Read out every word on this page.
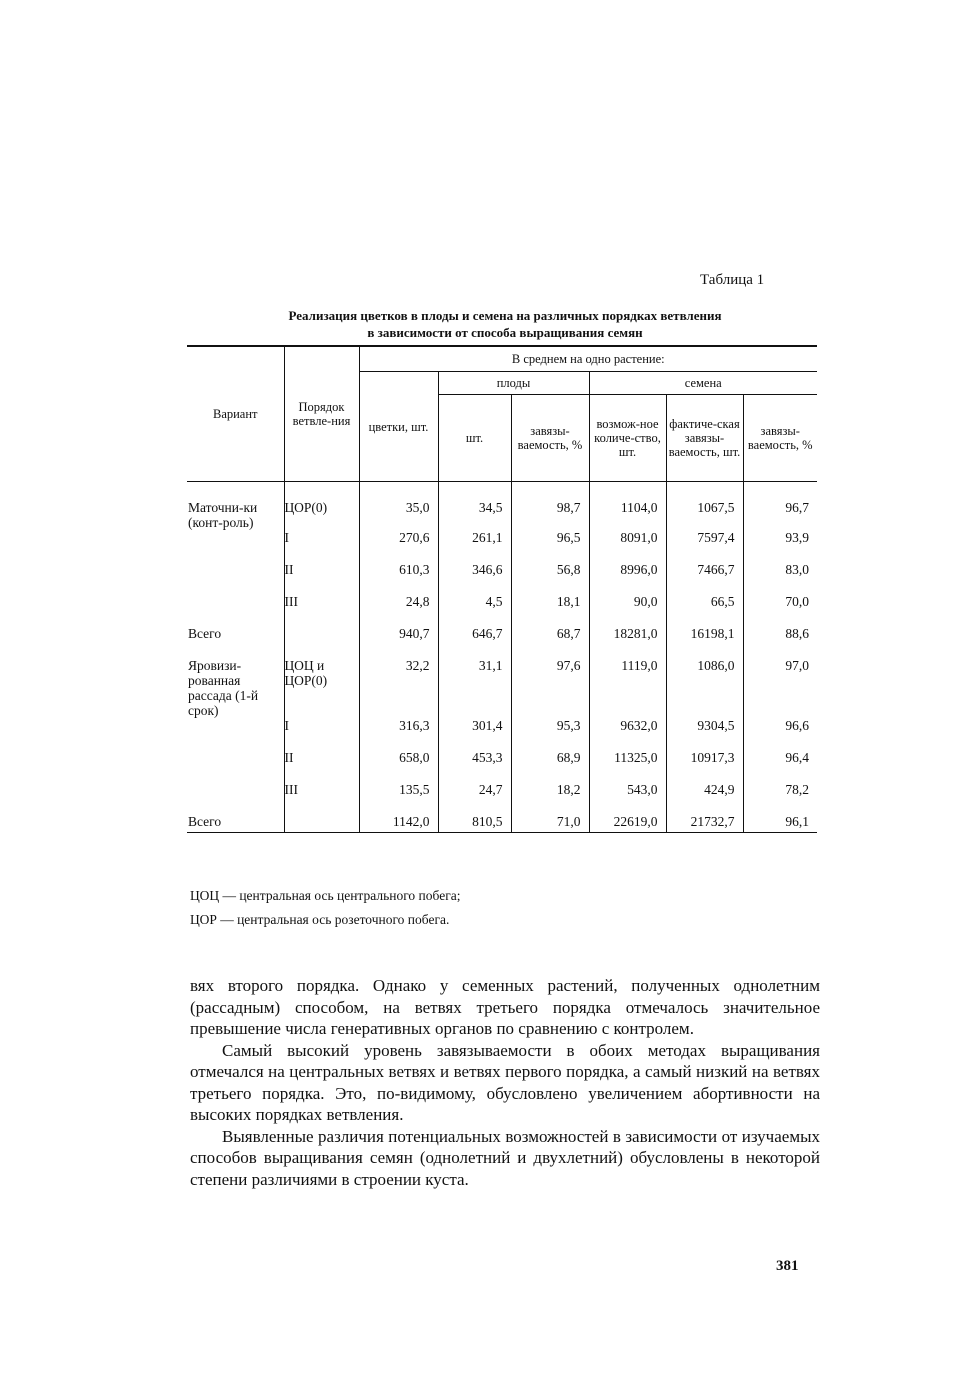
Таблица 1
Реализация цветков в плоды и семена на различных порядках ветвления
в зависимости от способа выращивания семян
Вариант	Порядок ветвле-ния	В среднем на одно растение:					
		цветки, шт.	плоды		семена		
			шт.	завязы-ваемость, %	возмож-ное количе-ство, шт.	фактиче-ская завязы-ваемость, шт.	завязы-ваемость, %
Маточни-ки (конт-роль)	ЦОР(0)	35,0	34,5	98,7	1104,0	1067,5	96,7
	I	270,6	261,1	96,5	8091,0	7597,4	93,9
	II	610,3	346,6	56,8	8996,0	7466,7	83,0
	III	24,8	4,5	18,1	90,0	66,5	70,0
Всего		940,7	646,7	68,7	18281,0	16198,1	88,6
Яровизи-рованная рассада (1-й срок)	ЦОЦ и ЦОР(0)	32,2	31,1	97,6	1119,0	1086,0	97,0
	I	316,3	301,4	95,3	9632,0	9304,5	96,6
	II	658,0	453,3	68,9	11325,0	10917,3	96,4
	III	135,5	24,7	18,2	543,0	424,9	78,2
Всего		1142,0	810,5	71,0	22619,0	21732,7	96,1
ЦОЦ — центральная ось центрального побега;
ЦОР — центральная ось розеточного побега.

вях второго порядка. Однако у семенных растений, полученных однолетним (рассадным) способом, на ветвях третьего порядка отмечалось значительное превышение числа генеративных органов по сравнению с контролем.

Самый высокий уровень завязываемости в обоих методах выращивания отмечался на центральных ветвях и ветвях первого порядка, а самый низкий на ветвях третьего порядка. Это, по-видимому, обусловлено увеличением абортивности на высоких порядках ветвления.

Выявленные различия потенциальных возможностей в зависимости от изучаемых способов выращивания семян (однолетний и двухлетний) обусловлены в некоторой степени различиями в строении куста.

381
